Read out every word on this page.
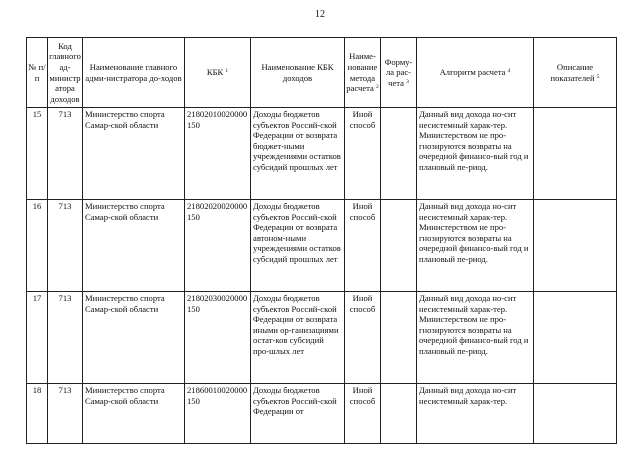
12
№ п/п	Код главного ад-министратора доходов	Наименование главного адми-нистратора до-ходов	КБК $^1$	Наименование КБК доходов	Наиме-нование метода расчета $^2$	Форму-ла рас-чета $^3$	Алгоритм расчета $^4$	Описание показателей $^5$
15	713	Министерство спорта Самар-ской области	21802010020000150	Доходы бюджетов субъектов Россий-ской Федерации от возврата бюджет-ными учреждениями остатков субсидий прошлых лет	Иной способ		Данный вид дохода но-сит несистемный харак-тер. Министерством не про-гнозируются возвраты на очередной финансо-вый год и плановый пе-риод.	
16	713	Министерство спорта Самар-ской области	21802020020000150	Доходы бюджетов субъектов Россий-ской Федерации от возврата автоном-ными учреждениями остатков субсидий прошлых лет	Иной способ		Данный вид дохода но-сит несистемный харак-тер. Министерством не про-гнозируются возвраты на очередной финансо-вый год и плановый пе-риод.	
17	713	Министерство спорта Самар-ской области	21802030020000150	Доходы бюджетов субъектов Россий-ской Федерации от возврата иными ор-ганизациями остат-ков субсидий про-шлых лет	Иной способ		Данный вид дохода но-сит несистемный харак-тер. Министерством не про-гнозируются возвраты на очередной финансо-вый год и плановый пе-риод.	
18	713	Министерство спорта Самар-ской области	21860010020000150	Доходы бюджетов субъектов Россий-ской Федерации от	Иной способ		Данный вид дохода но-сит несистемный харак-тер.	
